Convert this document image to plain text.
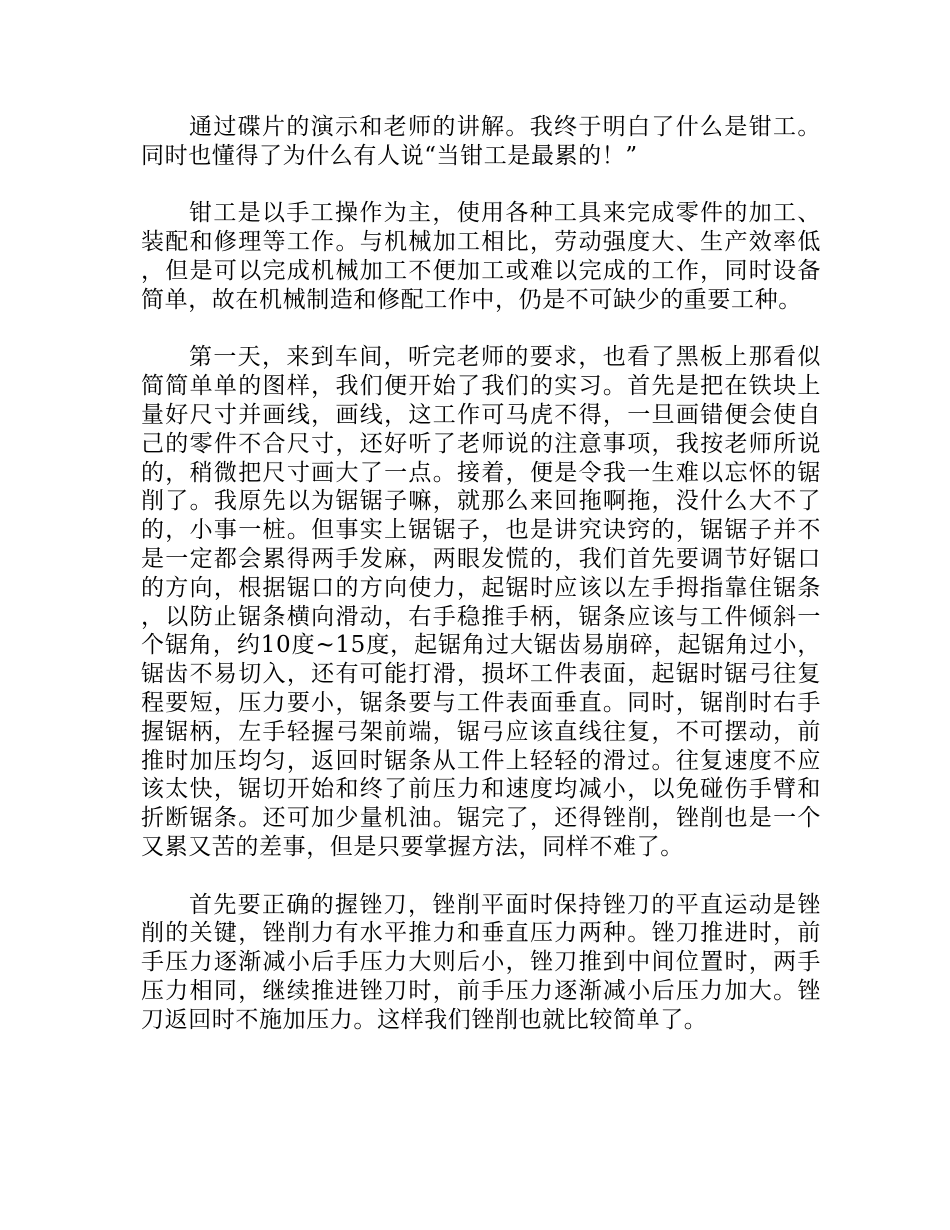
通过碟片的演示和老师的讲解。我终于明白了什么是钳工。同时也懂得了为什么有人说“当钳工是最累的！”

钳工是以手工操作为主，使用各种工具来完成零件的加工、装配和修理等工作。与机械加工相比，劳动强度大、生产效率低，但是可以完成机械加工不便加工或难以完成的工作，同时设备简单，故在机械制造和修配工作中，仍是不可缺少的重要工种。

第一天，来到车间，听完老师的要求，也看了黑板上那看似简简单单的图样，我们便开始了我们的实习。首先是把在铁块上量好尺寸并画线，画线，这工作可马虎不得，一旦画错便会使自己的零件不合尺寸，还好听了老师说的注意事项，我按老师所说的，稍微把尺寸画大了一点。接着，便是令我一生难以忘怀的锯削了。我原先以为锯锯子嘛，就那么来回拖啊拖，没什么大不了的，小事一桩。但事实上锯锯子，也是讲究诀窍的，锯锯子并不是一定都会累得两手发麻，两眼发慌的，我们首先要调节好锯口的方向，根据锯口的方向使力，起锯时应该以左手拇指靠住锯条，以防止锯条横向滑动，右手稳推手柄，锯条应该与工件倾斜一个锯角，约10度~15度，起锯角过大锯齿易崩碎，起锯角过小，锯齿不易切入，还有可能打滑，损坏工件表面，起锯时锯弓往复程要短，压力要小，锯条要与工件表面垂直。同时，锯削时右手握锯柄，左手轻握弓架前端，锯弓应该直线往复，不可摆动，前推时加压均匀，返回时锯条从工件上轻轻的滑过。往复速度不应该太快，锯切开始和终了前压力和速度均减小，以免碰伤手臂和折断锯条。还可加少量机油。锯完了，还得锉削，锉削也是一个又累又苦的差事，但是只要掌握方法，同样不难了。

首先要正确的握锉刀，锉削平面时保持锉刀的平直运动是锉削的关键，锉削力有水平推力和垂直压力两种。锉刀推进时，前手压力逐渐减小后手压力大则后小，锉刀推到中间位置时，两手压力相同，继续推进锉刀时，前手压力逐渐减小后压力加大。锉刀返回时不施加压力。这样我们锉削也就比较简单了。
